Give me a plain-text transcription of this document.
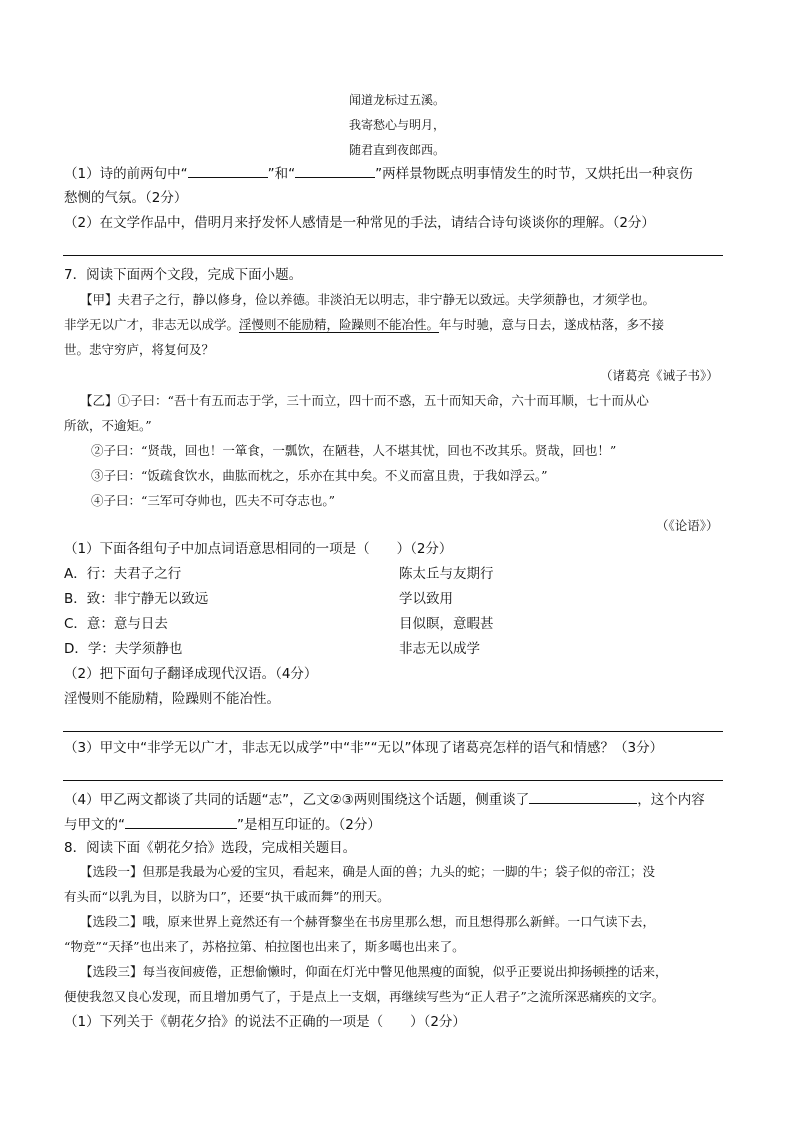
闻道龙标过五溪。
我寄愁心与明月，
随君直到夜郎西。
（1）诗的前两句中“	”和“	”两样景物既点明事情发生的时节，又烘托出一种哀伤
愁恻的气氛。（2分）
（2）在文学作品中，借明月来抒发怀人感情是一种常见的手法，请结合诗句谈谈你的理解。（2分）
7．阅读下面两个文段，完成下面小题。
【甲】夫君子之行，静以修身，俭以养德。非淡泊无以明志，非宁静无以致远。夫学须静也，才须学也。
非学无以广才，非志无以成学。淫慢则不能励精，险躁则不能冶性。年与时驰，意与日去，遂成枯落，多不接
世。悲守穷庐，将复何及？
（诸葛亮《诫子书》）
【乙】①子曰：“吾十有五而志于学，三十而立，四十而不惑，五十而知天命，六十而耳顺，七十而从心
所欲，不逾矩。”
②子曰：“贤哉，回也！一箪食，一瓢饮，在陋巷，人不堪其忧，回也不改其乐。贤哉，回也！”
③子曰：“饭疏食饮水，曲肱而枕之，乐亦在其中矣。不义而富且贵，于我如浮云。”
④子曰：“三军可夺帅也，匹夫不可夺志也。”
（《论语》）
（1）下面各组句子中加点词语意思相同的一项是（　　）（2分）
A．行：夫君子之行	陈太丘与友期行
B．致：非宁静无以致远	学以致用
C．意：意与日去	目似瞑，意暇甚
D．学：夫学须静也	非志无以成学
（2）把下面句子翻译成现代汉语。（4分）
淫慢则不能励精，险躁则不能冶性。
（3）甲文中“非学无以广才，非志无以成学”中“非”“无以”体现了诸葛亮怎样的语气和情感？（3分）
（4）甲乙两文都谈了共同的话题“志”，乙文②③两则围绕这个话题，侧重谈了	，这个内容
与甲文的“	”是相互印证的。（2分）
8．阅读下面《朝花夕拾》选段，完成相关题目。
【选段一】但那是我最为心爱的宝贝，看起来，确是人面的兽；九头的蛇；一脚的牛；袋子似的帝江；没
有头而“以乳为目，以脐为口”，还要“执干戚而舞”的刑天。
【选段二】哦，原来世界上竟然还有一个赫胥黎坐在书房里那么想，而且想得那么新鲜。一口气读下去，
“物竞”“天择”也出来了，苏格拉第、柏拉图也出来了，斯多噶也出来了。
【选段三】每当夜间疲倦，正想偷懒时，仰面在灯光中瞥见他黑瘦的面貌，似乎正要说出抑扬顿挫的话来，
便使我忽又良心发现，而且增加勇气了，于是点上一支烟，再继续写些为“正人君子”之流所深恶痛疾的文字。
（1）下列关于《朝花夕拾》的说法不正确的一项是（　　）（2分）
